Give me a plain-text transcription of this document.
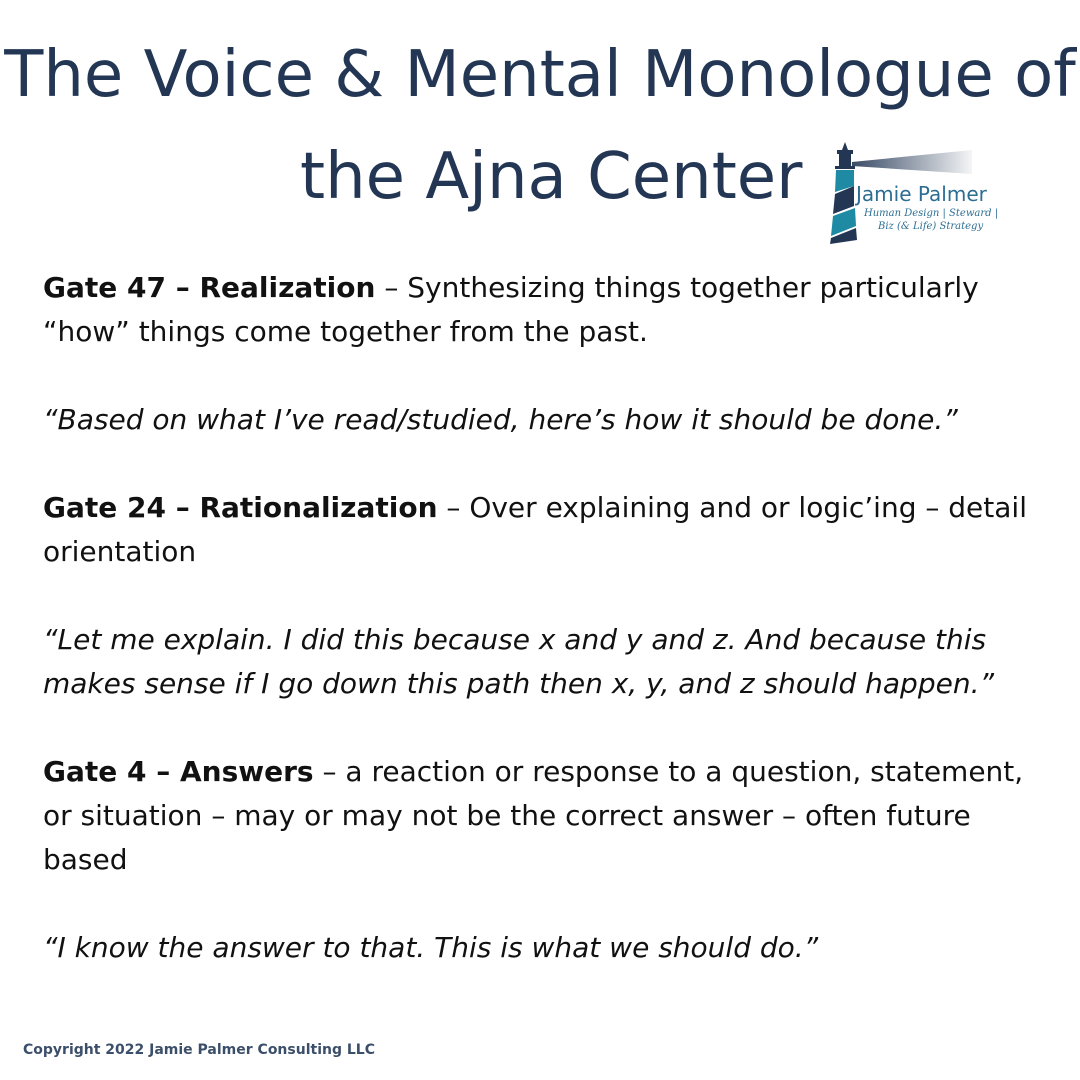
The Voice & Mental Monologue of
the Ajna Center	Jamie Palmer
Human Design | Steward |
Biz (& Life) Strategy

Gate 47 – Realization – Synthesizing things together particularly “how” things come together from the past.

“Based on what I’ve read/studied, here’s how it should be done.”

Gate 24 – Rationalization – Over explaining and or logic’ing – detail orientation

“Let me explain. I did this because x and y and z. And because this makes sense if I go down this path then x, y, and z should happen.”

Gate 4 – Answers – a reaction or response to a question, statement, or situation – may or may not be the correct answer – often future based

“I know the answer to that. This is what we should do.”

Copyright 2022 Jamie Palmer Consulting LLC
